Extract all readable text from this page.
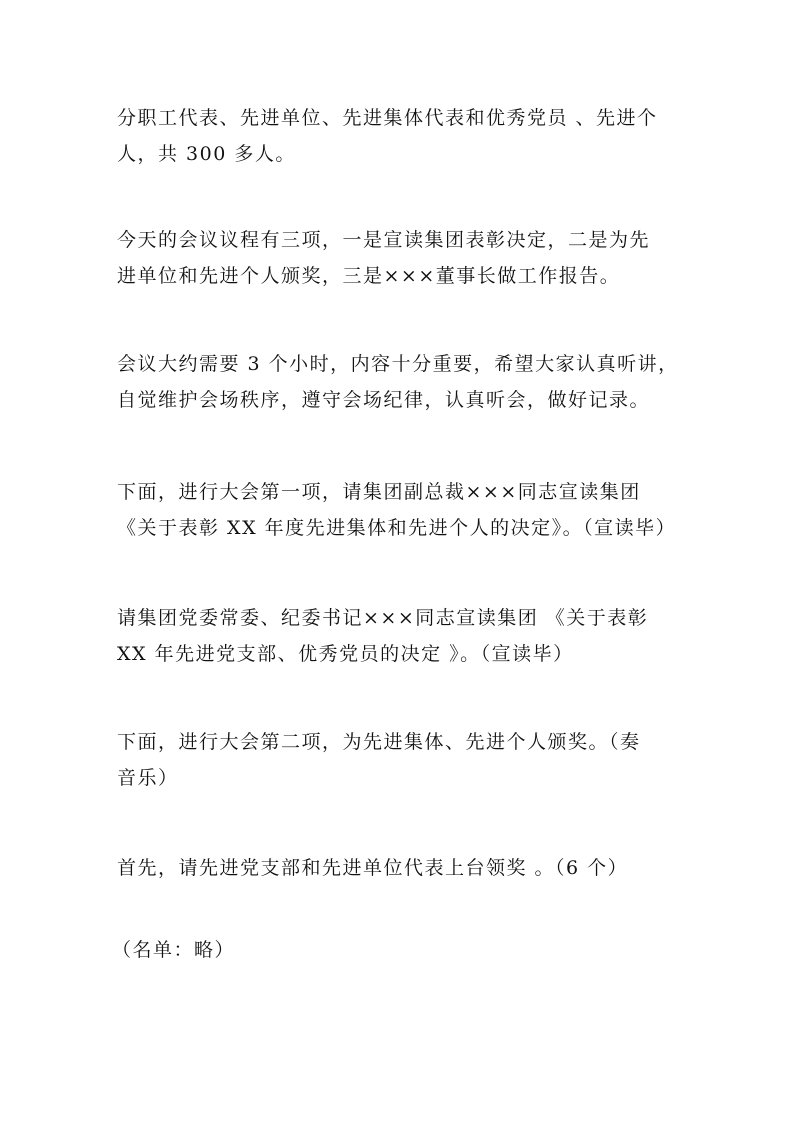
分职工代表、先进单位、先进集体代表和优秀党员 、先进个
人，共 300 多人。

今天的会议议程有三项，一是宣读集团表彰决定，二是为先
进单位和先进个人颁奖，三是×××董事长做工作报告。

会议大约需要 3 个小时，内容十分重要，希望大家认真听讲，
自觉维护会场秩序，遵守会场纪律，认真听会，做好记录。

下面，进行大会第一项，请集团副总裁×××同志宣读集团
《关于表彰 XX 年度先进集体和先进个人的决定》。（宣读毕）

请集团党委常委、纪委书记×××同志宣读集团 《关于表彰
XX 年先进党支部、优秀党员的决定 》。（宣读毕）

下面，进行大会第二项，为先进集体、先进个人颁奖。（奏
音乐）

首先，请先进党支部和先进单位代表上台领奖 。（6 个）

（名单：略）
